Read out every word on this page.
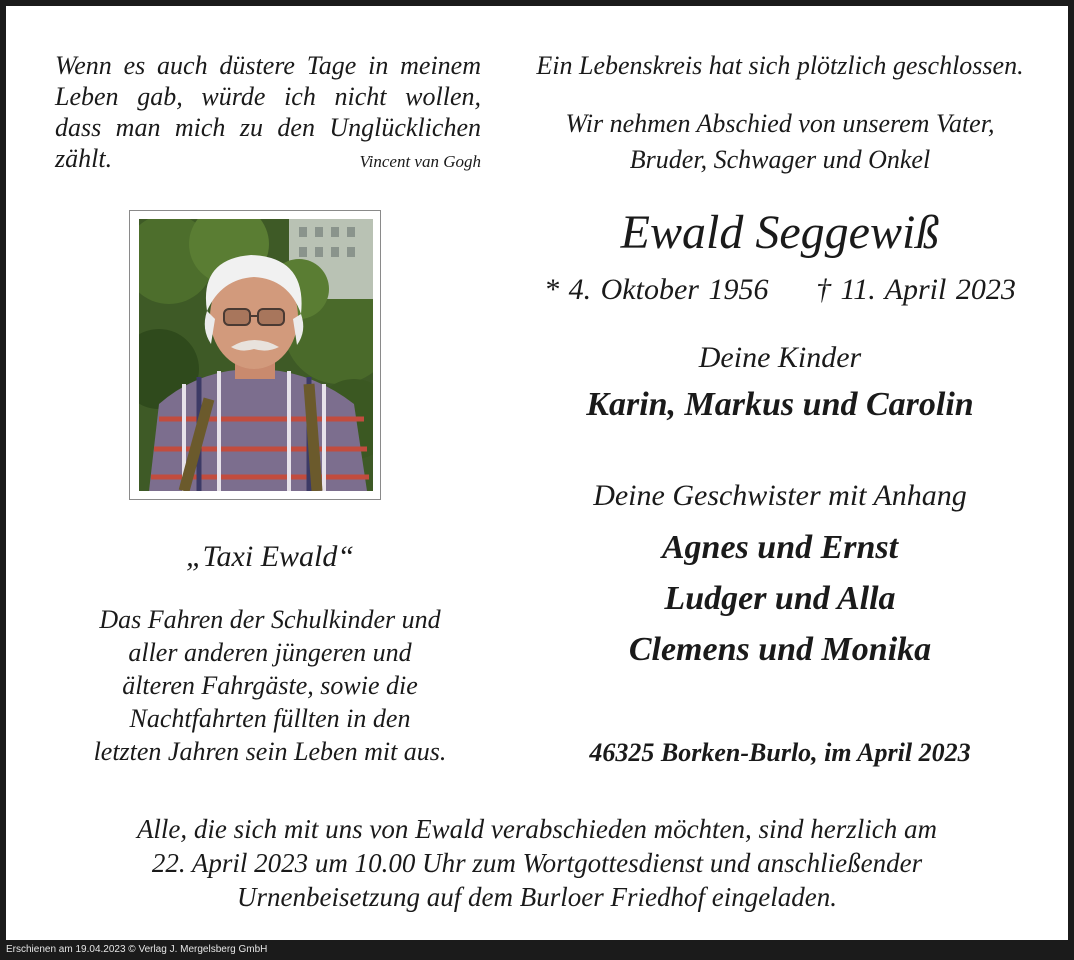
Wenn es auch düstere Tage in meinem
Leben gab, würde ich nicht wollen,
dass man mich zu den Unglücklichen
zählt.	Vincent van Gogh
Ein Lebenskreis hat sich plötzlich geschlossen.
Wir nehmen Abschied von unserem Vater,
Bruder, Schwager und Onkel
Ewald Seggewiß
* 4. Oktober 1956 † 11. April 2023
Deine Kinder
Karin, Markus und Carolin
Deine Geschwister mit Anhang
Agnes und Ernst
Ludger und Alla
Clemens und Monika
46325 Borken-Burlo, im April 2023
„Taxi Ewald“
Das Fahren der Schulkinder und
aller anderen jüngeren und
älteren Fahrgäste, sowie die
Nachtfahrten füllten in den
letzten Jahren sein Leben mit aus.
Alle, die sich mit uns von Ewald verabschieden möchten, sind herzlich am
22. April 2023 um 10.00 Uhr zum Wortgottesdienst und anschließender
Urnenbeisetzung auf dem Burloer Friedhof eingeladen.
Erschienen am 19.04.2023 © Verlag J. Mergelsberg GmbH
